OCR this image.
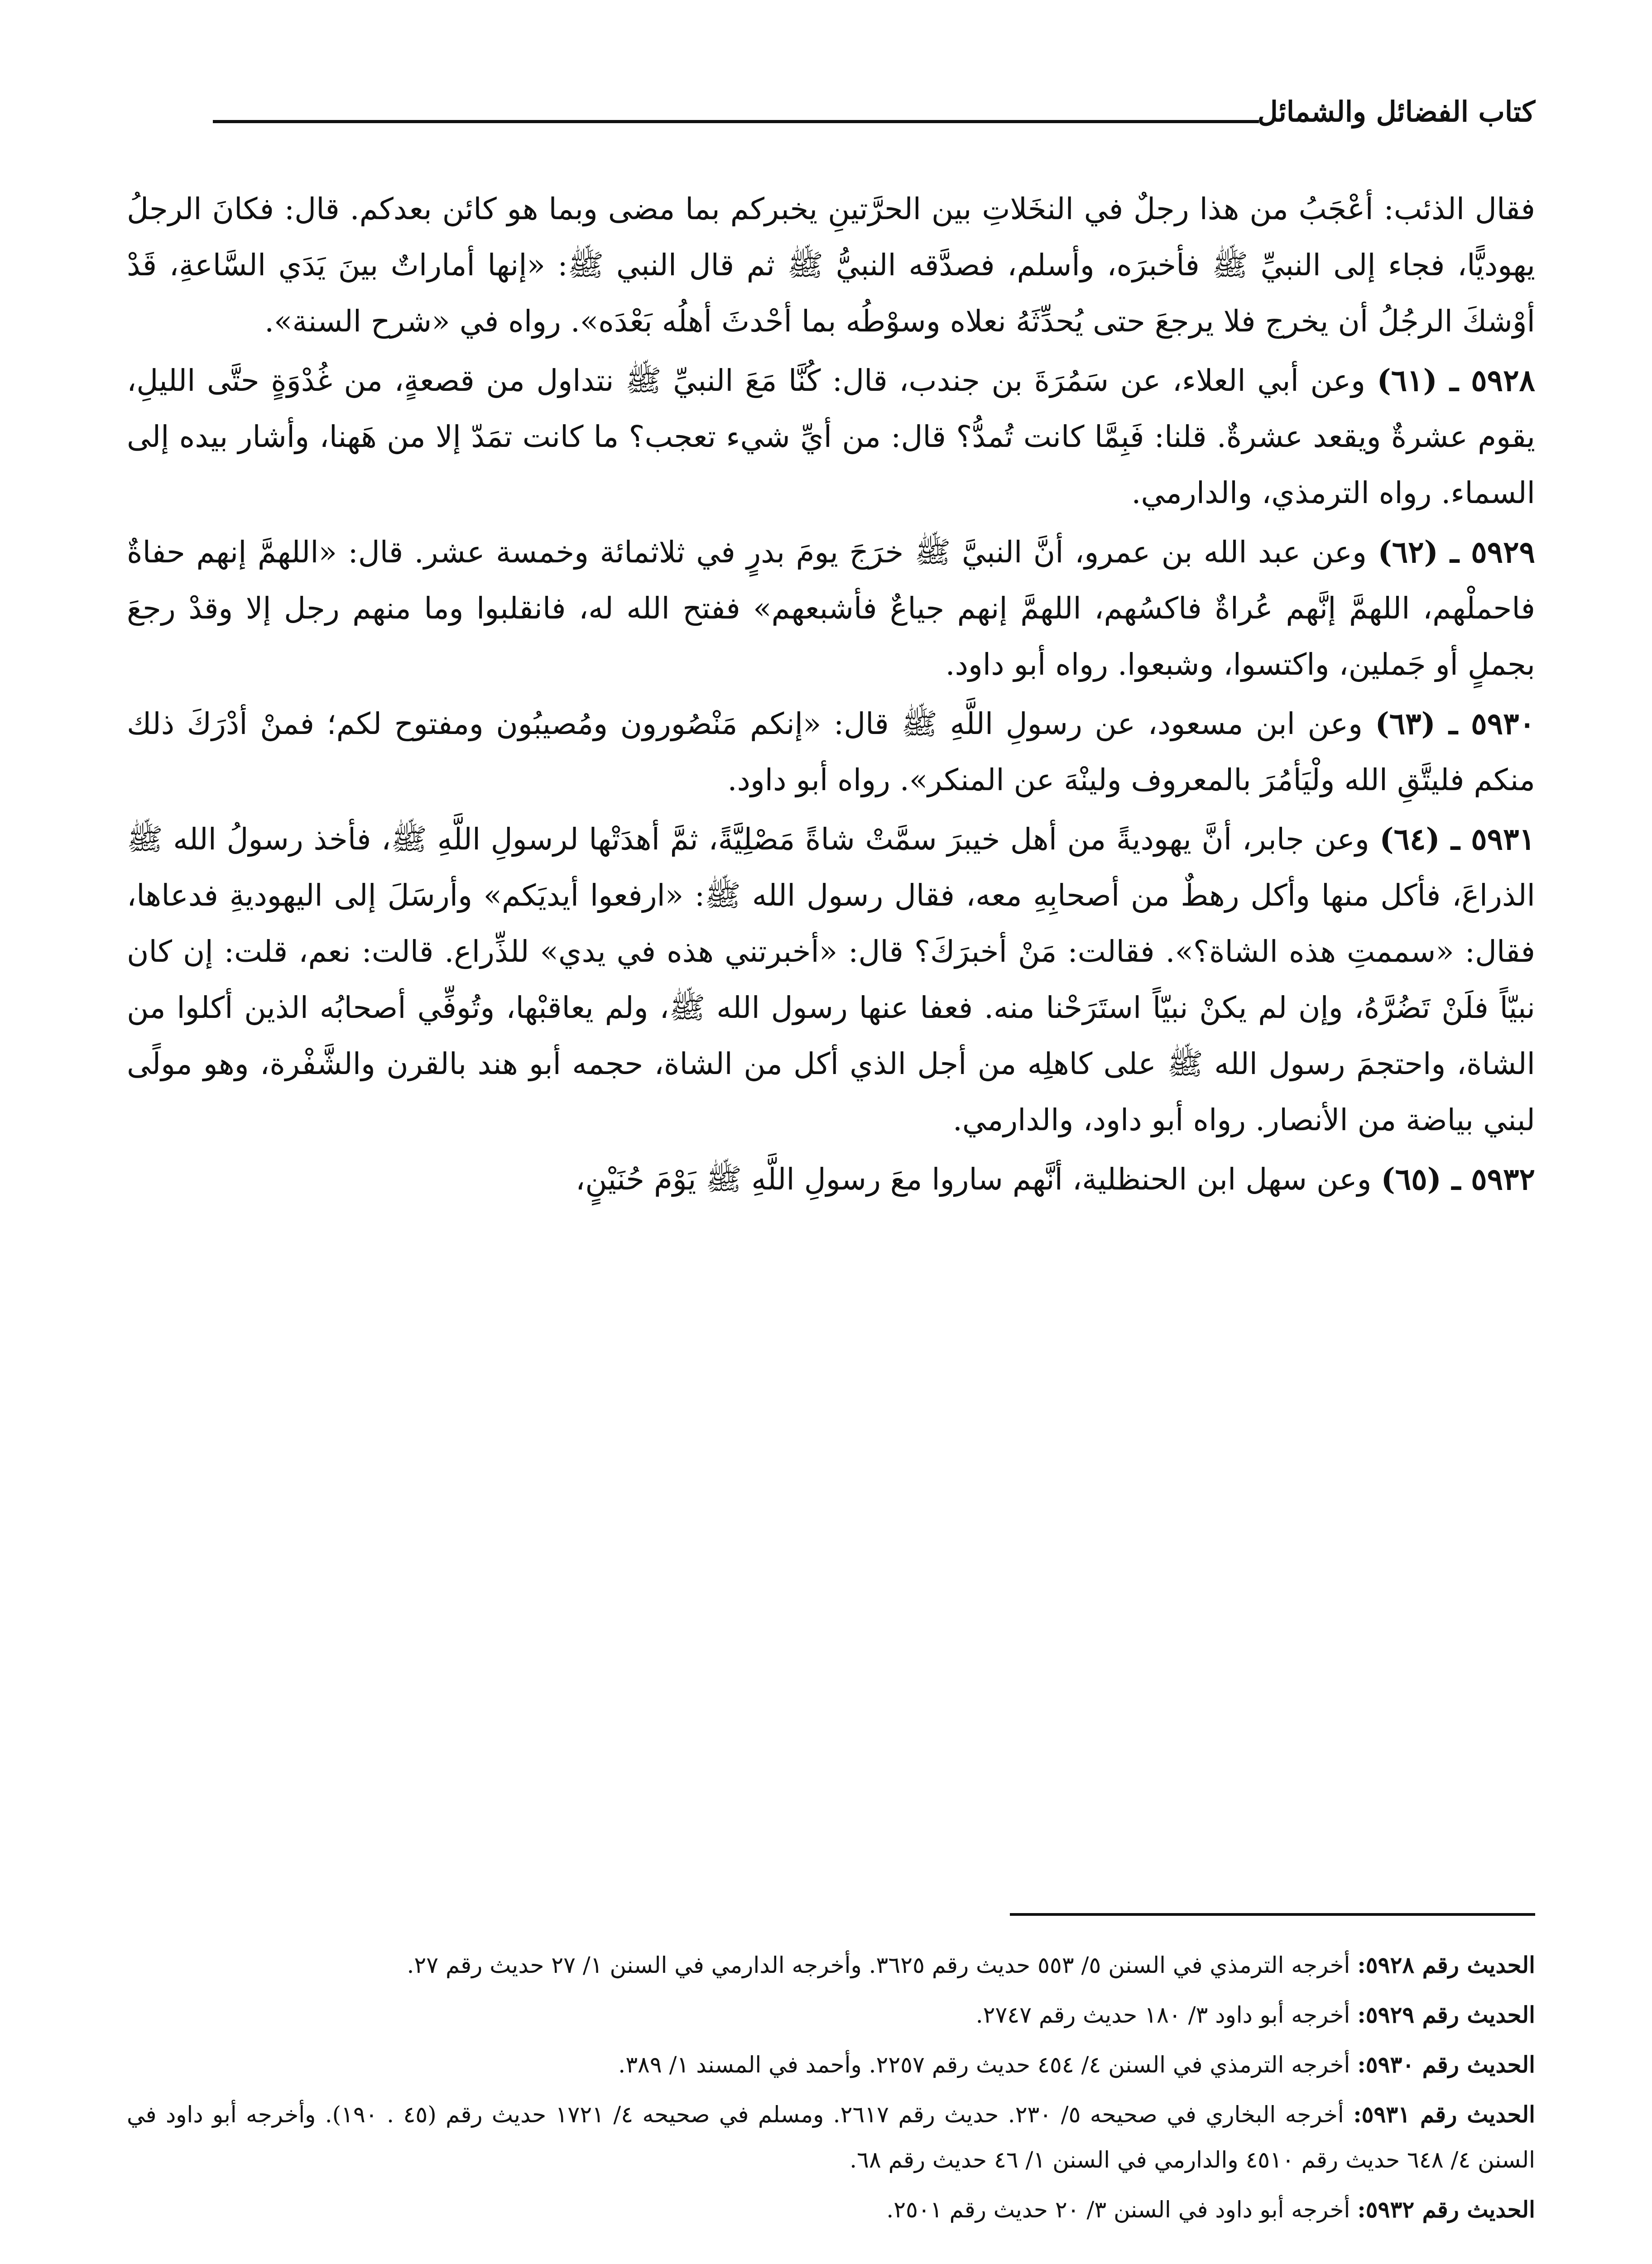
كتاب الفضائل والشمائل

فقال الذئب: أعْجَبُ من هذا رجلٌ في النخَلاتِ بين الحرَّتينِ يخبركم بما مضى وبما هو كائن بعدكم. قال: فكانَ الرجلُ يهوديًّا، فجاء إلى النبيِّ ﷺ فأخبرَه، وأسلم، فصدَّقه النبيُّ ﷺ ثم قال النبي ﷺ: «إنها أماراتٌ بينَ يَدَي السَّاعةِ، قَدْ أوْشكَ الرجُلُ أن يخرج فلا يرجعَ حتى يُحدِّثَهُ نعلاه وسوْطُه بما أحْدثَ أهلُه بَعْدَه». رواه في «شرح السنة».

٥٩٢٨ ـ (٦١) وعن أبي العلاء، عن سَمُرَةَ بن جندب، قال: كُنَّا مَعَ النبيِّ ﷺ نتداول من قصعةٍ، من غُدْوَةٍ حتَّى الليلِ، يقوم عشرةٌ ويقعد عشرةٌ. قلنا: فَبِمَّا كانت تُمدُّ؟ قال: من أيِّ شيء تعجب؟ ما كانت تمَدّ إلا من هَهنا، وأشار بيده إلى السماء. رواه الترمذي، والدارمي.

٥٩٢٩ ـ (٦٢) وعن عبد الله بن عمرو، أنَّ النبيَّ ﷺ خرَجَ يومَ بدرٍ في ثلاثمائة وخمسة عشر. قال: «اللهمَّ إنهم حفاةٌ فاحملْهم، اللهمَّ إنَّهم عُراةٌ فاكسُهم، اللهمَّ إنهم جياعٌ فأشبعهم» ففتح الله له، فانقلبوا وما منهم رجل إلا وقدْ رجعَ بجملٍ أو جَملين، واكتسوا، وشبعوا. رواه أبو داود.

٥٩٣٠ ـ (٦٣) وعن ابن مسعود، عن رسولِ اللَّهِ ﷺ قال: «إنكم مَنْصُورون ومُصيبُون ومفتوح لكم؛ فمنْ أدْرَكَ ذلك منكم فليتَّقِ الله ولْيَأمُرَ بالمعروف ولينْهَ عن المنكر». رواه أبو داود.

٥٩٣١ ـ (٦٤) وعن جابر، أنَّ يهوديةً من أهل خيبرَ سمَّتْ شاةً مَصْلِيَّةً، ثمَّ أهدَتْها لرسولِ اللَّهِ ﷺ، فأخذ رسولُ الله ﷺ الذراعَ، فأكل منها وأكل رهطٌ من أصحابِهِ معه، فقال رسول الله ﷺ: «ارفعوا أيديَكم» وأرسَلَ إلى اليهوديةِ فدعاها، فقال: «سممتِ هذه الشاة؟». فقالت: مَنْ أخبرَكَ؟ قال: «أخبرتني هذه في يدي» للذِّراع. قالت: نعم، قلت: إن كان نبيّاً فلَنْ تَضُرَّهُ، وإن لم يكنْ نبيّاً استَرَحْنا منه. فعفا عنها رسول الله ﷺ، ولم يعاقبْها، وتُوفِّي أصحابُه الذين أكلوا من الشاة، واحتجمَ رسول الله ﷺ على كاهلِه من أجل الذي أكل من الشاة، حجمه أبو هند بالقرن والشَّفْرة، وهو مولًى لبني بياضة من الأنصار. رواه أبو داود، والدارمي.

٥٩٣٢ ـ (٦٥) وعن سهل ابن الحنظلية، أنَّهم ساروا معَ رسولِ اللَّهِ ﷺ يَوْمَ حُنَيْنٍ،

الحديث رقم ٥٩٢٨: أخرجه الترمذي في السنن ٥/ ٥٥٣ حديث رقم ٣٦٢٥. وأخرجه الدارمي في السنن ١/ ٢٧ حديث رقم ٢٧.

الحديث رقم ٥٩٢٩: أخرجه أبو داود ٣/ ١٨٠ حديث رقم ٢٧٤٧.

الحديث رقم ٥٩٣٠: أخرجه الترمذي في السنن ٤/ ٤٥٤ حديث رقم ٢٢٥٧. وأحمد في المسند ١/ ٣٨٩.

الحديث رقم ٥٩٣١: أخرجه البخاري في صحيحه ٥/ ٢٣٠. حديث رقم ٢٦١٧. ومسلم في صحيحه ٤/ ١٧٢١ حديث رقم (٤٥ . ١٩٠). وأخرجه أبو داود في السنن ٤/ ٦٤٨ حديث رقم ٤٥١٠ والدارمي في السنن ١/ ٤٦ حديث رقم ٦٨.

الحديث رقم ٥٩٣٢: أخرجه أبو داود في السنن ٣/ ٢٠ حديث رقم ٢٥٠١.
